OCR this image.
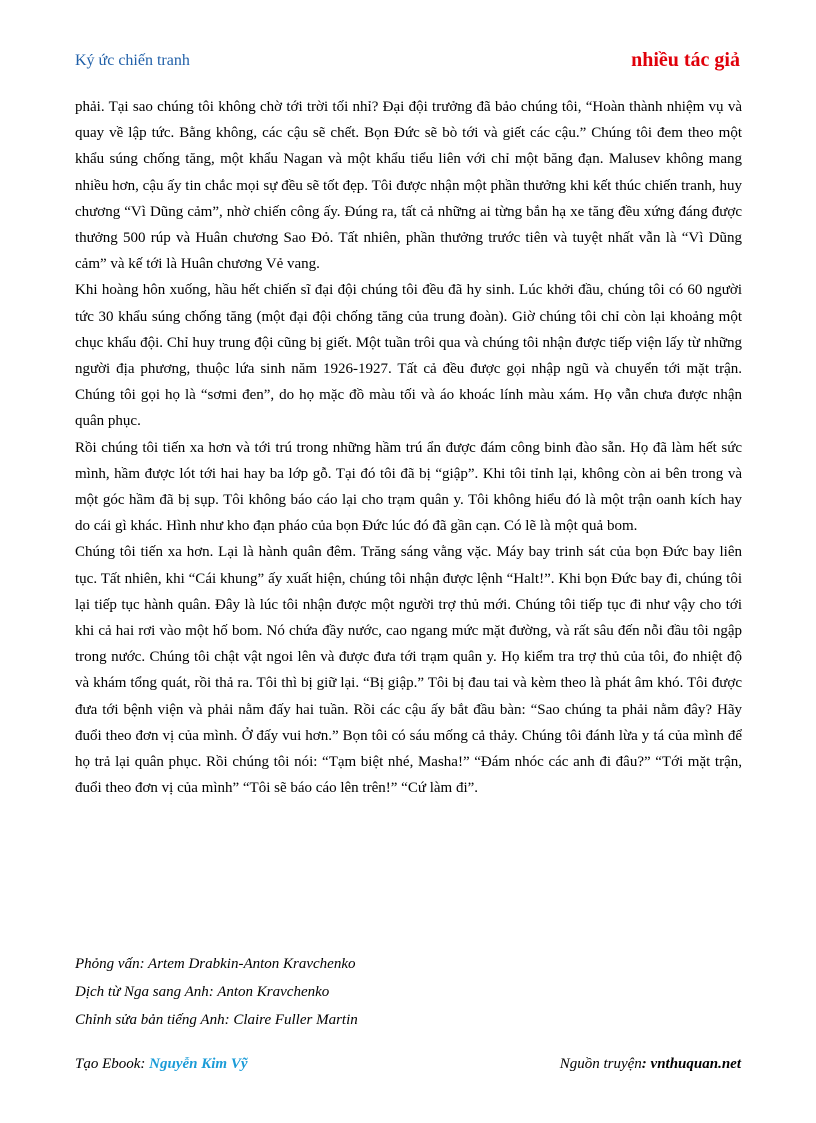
Ký ức chiến tranh	nhiều tác giả

phải. Tại sao chúng tôi không chờ tới trời tối nhỉ? Đại đội trưởng đã bảo chúng tôi, “Hoàn thành nhiệm vụ và quay về lập tức. Bằng không, các cậu sẽ chết. Bọn Đức sẽ bò tới và giết các cậu.” Chúng tôi đem theo một khẩu súng chống tăng, một khẩu Nagan và một khẩu tiểu liên với chỉ một băng đạn. Malusev không mang nhiều hơn, cậu ấy tin chắc mọi sự đều sẽ tốt đẹp. Tôi được nhận một phần thưởng khi kết thúc chiến tranh, huy chương “Vì Dũng cảm”, nhờ chiến công ấy. Đúng ra, tất cả những ai từng bắn hạ xe tăng đều xứng đáng được thưởng 500 rúp và Huân chương Sao Đỏ. Tất nhiên, phần thưởng trước tiên và tuyệt nhất vẫn là “Vì Dũng cảm” và kế tới là Huân chương Vẻ vang.

Khi hoàng hôn xuống, hầu hết chiến sĩ đại đội chúng tôi đều đã hy sinh. Lúc khởi đầu, chúng tôi có 60 người tức 30 khẩu súng chống tăng (một đại đội chống tăng của trung đoàn). Giờ chúng tôi chỉ còn lại khoảng một chục khẩu đội. Chỉ huy trung đội cũng bị giết. Một tuần trôi qua và chúng tôi nhận được tiếp viện lấy từ những người địa phương, thuộc lứa sinh năm 1926-1927. Tất cả đều được gọi nhập ngũ và chuyển tới mặt trận. Chúng tôi gọi họ là “sơmi đen”, do họ mặc đồ màu tối và áo khoác lính màu xám. Họ vẫn chưa được nhận quân phục.

Rồi chúng tôi tiến xa hơn và tới trú trong những hầm trú ẩn được đám công binh đào sẵn. Họ đã làm hết sức mình, hầm được lót tới hai hay ba lớp gỗ. Tại đó tôi đã bị “giập”. Khi tôi tỉnh lại, không còn ai bên trong và một góc hầm đã bị sụp. Tôi không báo cáo lại cho trạm quân y. Tôi không hiểu đó là một trận oanh kích hay do cái gì khác. Hình như kho đạn pháo của bọn Đức lúc đó đã gần cạn. Có lẽ là một quả bom.

Chúng tôi tiến xa hơn. Lại là hành quân đêm. Trăng sáng vằng vặc. Máy bay trinh sát của bọn Đức bay liên tục. Tất nhiên, khi “Cái khung” ấy xuất hiện, chúng tôi nhận được lệnh “Halt!”. Khi bọn Đức bay đi, chúng tôi lại tiếp tục hành quân. Đây là lúc tôi nhận được một người trợ thủ mới. Chúng tôi tiếp tục đi như vậy cho tới khi cả hai rơi vào một hố bom. Nó chứa đầy nước, cao ngang mức mặt đường, và rất sâu đến nỗi đầu tôi ngập trong nước. Chúng tôi chật vật ngoi lên và được đưa tới trạm quân y. Họ kiểm tra trợ thủ của tôi, đo nhiệt độ và khám tổng quát, rồi thả ra. Tôi thì bị giữ lại. “Bị giập.” Tôi bị đau tai và kèm theo là phát âm khó. Tôi được đưa tới bệnh viện và phải nằm đấy hai tuần. Rồi các cậu ấy bắt đầu bàn: “Sao chúng ta phải nằm đây? Hãy đuổi theo đơn vị của mình. Ở đấy vui hơn.” Bọn tôi có sáu mống cả thảy. Chúng tôi đánh lừa y tá của mình để họ trả lại quân phục. Rồi chúng tôi nói: “Tạm biệt nhé, Masha!” “Đám nhóc các anh đi đâu?” “Tới mặt trận, đuổi theo đơn vị của mình” “Tôi sẽ báo cáo lên trên!” “Cứ làm đi”.

Phỏng vấn: Artem Drabkin-Anton Kravchenko
Dịch từ Nga sang Anh: Anton Kravchenko
Chỉnh sửa bản tiếng Anh: Claire Fuller Martin
Tạo Ebook: Nguyễn Kim Vỹ	Nguồn truyện: vnthuquan.net
